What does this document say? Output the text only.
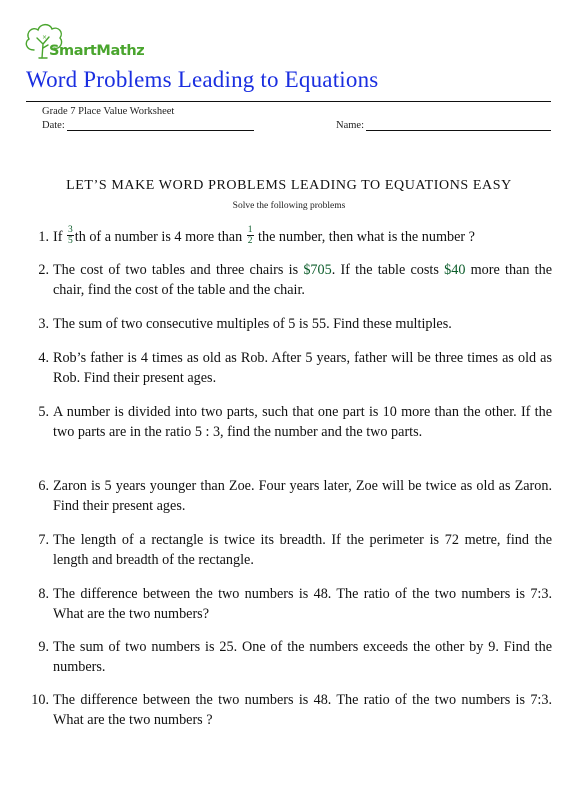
×
SmartMathz
Word Problems Leading to Equations
Grade 7 Place Value Worksheet
Date:	Name:
LET’S MAKE WORD PROBLEMS LEADING TO EQUATIONS EASY
Solve the following problems
1. If $\frac{3}{5}$ th of a number is 4 more than $\frac{1}{2}$ the number, then what is the number ?
2. The cost of two tables and three chairs is $705. If the table costs $40 more than the chair, find the cost of the table and the chair.
3. The sum of two consecutive multiples of 5 is 55. Find these multiples.
4. Rob’s father is 4 times as old as Rob. After 5 years, father will be three times as old as Rob. Find their present ages.
5. A number is divided into two parts, such that one part is 10 more than the other. If the two parts are in the ratio 5 : 3, find the number and the two parts.
6. Zaron is 5 years younger than Zoe. Four years later, Zoe will be twice as old as Zaron. Find their present ages.
7. The length of a rectangle is twice its breadth. If the perimeter is 72 metre, find the length and breadth of the rectangle.
8. The difference between the two numbers is 48. The ratio of the two numbers is 7:3. What are the two numbers?
9. The sum of two numbers is 25. One of the numbers exceeds the other by 9. Find the numbers.
10. The difference between the two numbers is 48. The ratio of the two numbers is 7:3. What are the two numbers ?
